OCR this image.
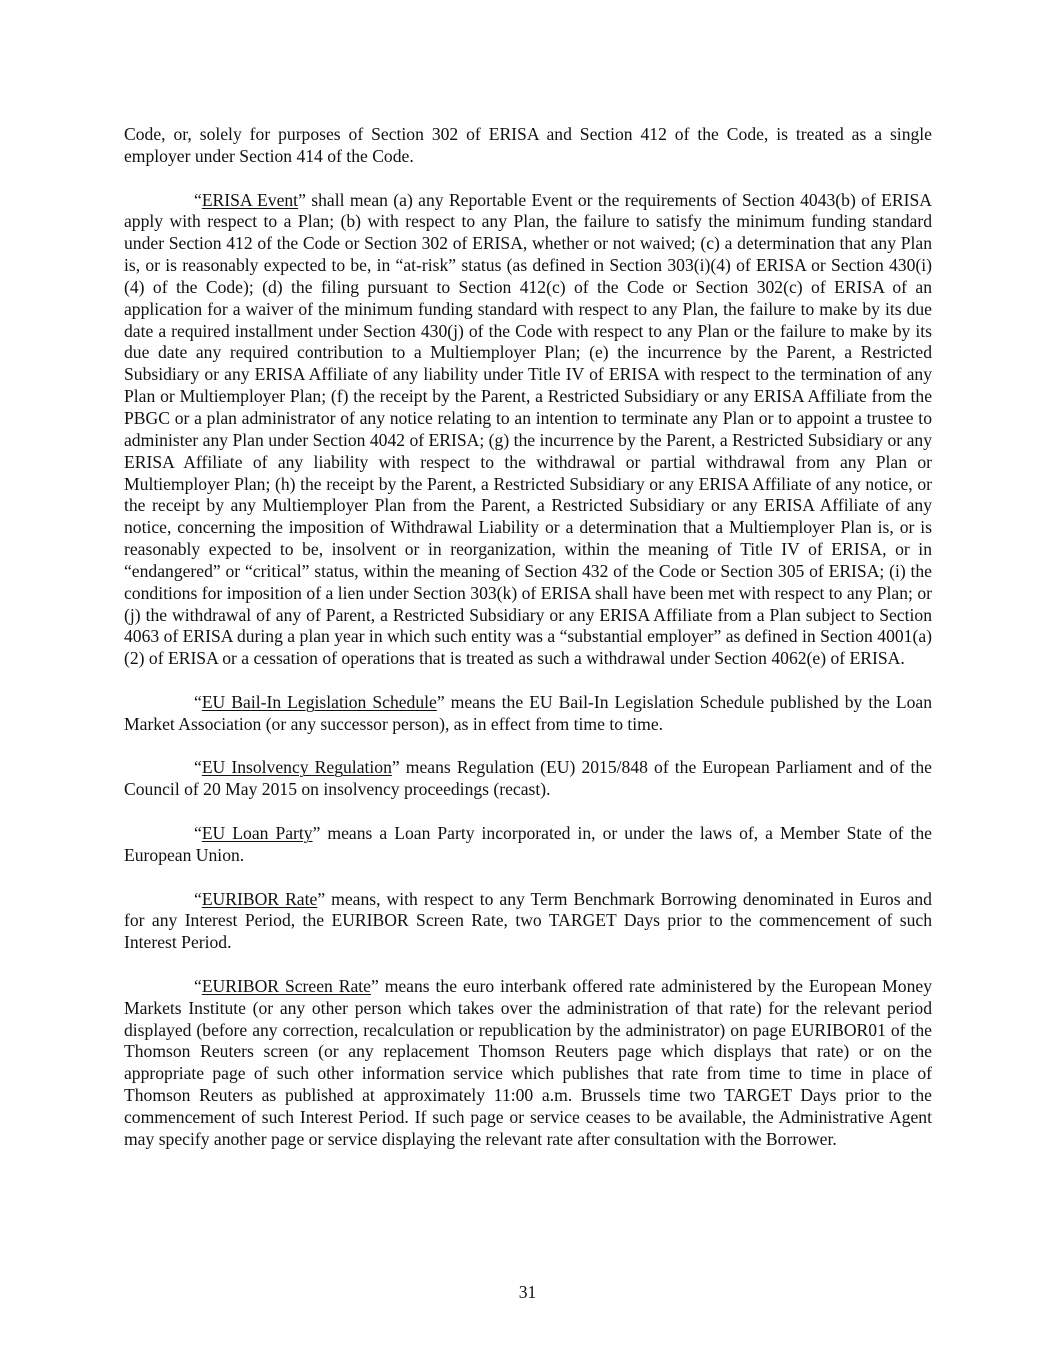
Code, or, solely for purposes of Section 302 of ERISA and Section 412 of the Code, is treated as a single employer under Section 414 of the Code.

“ERISA Event” shall mean (a) any Reportable Event or the requirements of Section 4043(b) of ERISA apply with respect to a Plan; (b) with respect to any Plan, the failure to satisfy the minimum funding standard under Section 412 of the Code or Section 302 of ERISA, whether or not waived; (c) a determination that any Plan is, or is reasonably expected to be, in “at-risk” status (as defined in Section 303(i)(4) of ERISA or Section 430(i)(4) of the Code); (d) the filing pursuant to Section 412(c) of the Code or Section 302(c) of ERISA of an application for a waiver of the minimum funding standard with respect to any Plan, the failure to make by its due date a required installment under Section 430(j) of the Code with respect to any Plan or the failure to make by its due date any required contribution to a Multiemployer Plan; (e) the incurrence by the Parent, a Restricted Subsidiary or any ERISA Affiliate of any liability under Title IV of ERISA with respect to the termination of any Plan or Multiemployer Plan; (f) the receipt by the Parent, a Restricted Subsidiary or any ERISA Affiliate from the PBGC or a plan administrator of any notice relating to an intention to terminate any Plan or to appoint a trustee to administer any Plan under Section 4042 of ERISA; (g) the incurrence by the Parent, a Restricted Subsidiary or any ERISA Affiliate of any liability with respect to the withdrawal or partial withdrawal from any Plan or Multiemployer Plan; (h) the receipt by the Parent, a Restricted Subsidiary or any ERISA Affiliate of any notice, or the receipt by any Multiemployer Plan from the Parent, a Restricted Subsidiary or any ERISA Affiliate of any notice, concerning the imposition of Withdrawal Liability or a determination that a Multiemployer Plan is, or is reasonably expected to be, insolvent or in reorganization, within the meaning of Title IV of ERISA, or in “endangered” or “critical” status, within the meaning of Section 432 of the Code or Section 305 of ERISA; (i) the conditions for imposition of a lien under Section 303(k) of ERISA shall have been met with respect to any Plan; or (j) the withdrawal of any of Parent, a Restricted Subsidiary or any ERISA Affiliate from a Plan subject to Section 4063 of ERISA during a plan year in which such entity was a “substantial employer” as defined in Section 4001(a)(2) of ERISA or a cessation of operations that is treated as such a withdrawal under Section 4062(e) of ERISA.

“EU Bail-In Legislation Schedule” means the EU Bail-In Legislation Schedule published by the Loan Market Association (or any successor person), as in effect from time to time.

“EU Insolvency Regulation” means Regulation (EU) 2015/848 of the European Parliament and of the Council of 20 May 2015 on insolvency proceedings (recast).

“EU Loan Party” means a Loan Party incorporated in, or under the laws of, a Member State of the European Union.

“EURIBOR Rate” means, with respect to any Term Benchmark Borrowing denominated in Euros and for any Interest Period, the EURIBOR Screen Rate, two TARGET Days prior to the commencement of such Interest Period.

“EURIBOR Screen Rate” means the euro interbank offered rate administered by the European Money Markets Institute (or any other person which takes over the administration of that rate) for the relevant period displayed (before any correction, recalculation or republication by the administrator) on page EURIBOR01 of the Thomson Reuters screen (or any replacement Thomson Reuters page which displays that rate) or on the appropriate page of such other information service which publishes that rate from time to time in place of Thomson Reuters as published at approximately 11:00 a.m. Brussels time two TARGET Days prior to the commencement of such Interest Period. If such page or service ceases to be available, the Administrative Agent may specify another page or service displaying the relevant rate after consultation with the Borrower.

31
